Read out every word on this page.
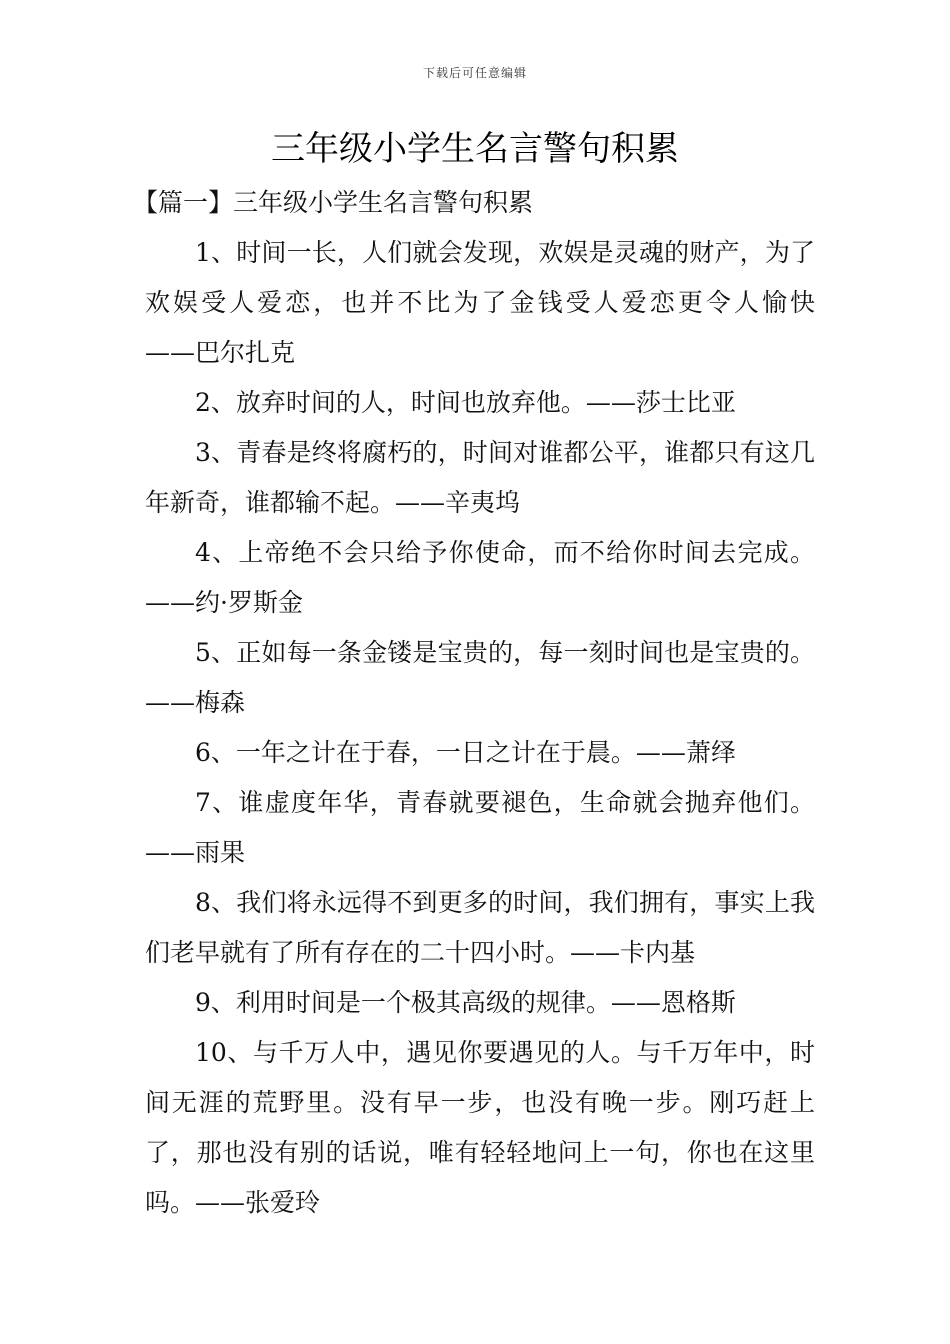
下载后可任意编辑
三年级小学生名言警句积累

【篇一】三年级小学生名言警句积累

1、时间一长，人们就会发现，欢娱是灵魂的财产，为了欢娱受人爱恋，也并不比为了金钱受人爱恋更令人愉快——巴尔扎克

2、放弃时间的人，时间也放弃他。——莎士比亚

3、青春是终将腐朽的，时间对谁都公平，谁都只有这几年新奇，谁都输不起。——辛夷坞

4、上帝绝不会只给予你使命，而不给你时间去完成。——约·罗斯金

5、正如每一条金镂是宝贵的，每一刻时间也是宝贵的。——梅森

6、一年之计在于春，一日之计在于晨。——萧绎

7、谁虚度年华，青春就要褪色，生命就会抛弃他们。——雨果

8、我们将永远得不到更多的时间，我们拥有，事实上我们老早就有了所有存在的二十四小时。——卡内基

9、利用时间是一个极其高级的规律。——恩格斯

10、与千万人中，遇见你要遇见的人。与千万年中，时间无涯的荒野里。没有早一步，也没有晚一步。刚巧赶上了，那也没有别的话说，唯有轻轻地问上一句，你也在这里吗。——张爱玲
